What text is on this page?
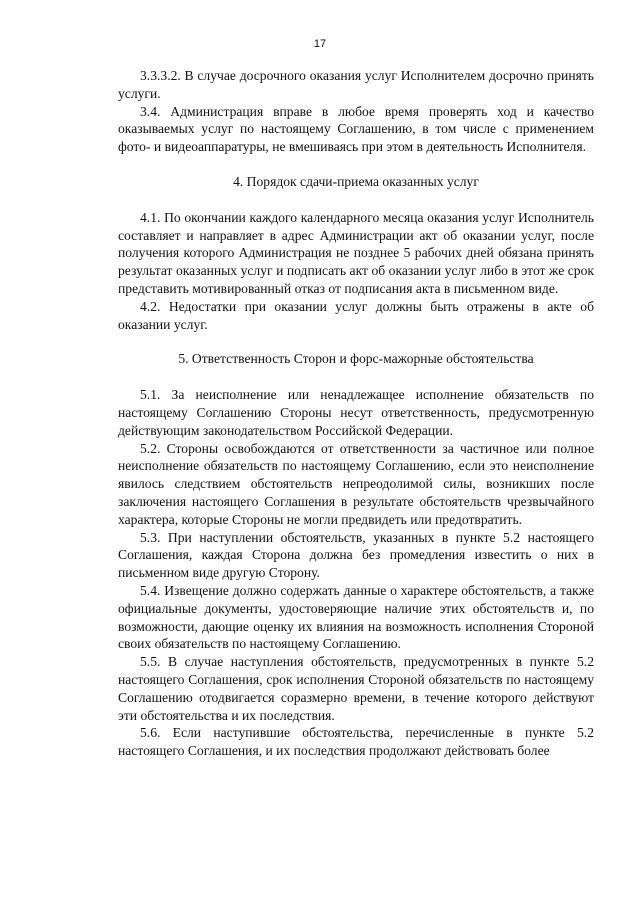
17

3.3.3.2. В случае досрочного оказания услуг Исполнителем досрочно принять услуги.

3.4. Администрация вправе в любое время проверять ход и качество оказываемых услуг по настоящему Соглашению, в том числе с применением фото- и видеоаппаратуры, не вмешиваясь при этом в деятельность Исполнителя.

4. Порядок сдачи-приема оказанных услуг

4.1. По окончании каждого календарного месяца оказания услуг Исполнитель составляет и направляет в адрес Администрации акт об оказании услуг, после получения которого Администрация не позднее 5 рабочих дней обязана принять результат оказанных услуг и подписать акт об оказании услуг либо в этот же срок представить мотивированный отказ от подписания акта в письменном виде.

4.2. Недостатки при оказании услуг должны быть отражены в акте об оказании услуг.

5. Ответственность Сторон и форс-мажорные обстоятельства

5.1. За неисполнение или ненадлежащее исполнение обязательств по настоящему Соглашению Стороны несут ответственность, предусмотренную действующим законодательством Российской Федерации.

5.2. Стороны освобождаются от ответственности за частичное или полное неисполнение обязательств по настоящему Соглашению, если это неисполнение явилось следствием обстоятельств непреодолимой силы, возникших после заключения настоящего Соглашения в результате обстоятельств чрезвычайного характера, которые Стороны не могли предвидеть или предотвратить.

5.3. При наступлении обстоятельств, указанных в пункте 5.2 настоящего Соглашения, каждая Сторона должна без промедления известить о них в письменном виде другую Сторону.

5.4. Извещение должно содержать данные о характере обстоятельств, а также официальные документы, удостоверяющие наличие этих обстоятельств и, по возможности, дающие оценку их влияния на возможность исполнения Стороной своих обязательств по настоящему Соглашению.

5.5. В случае наступления обстоятельств, предусмотренных в пункте 5.2 настоящего Соглашения, срок исполнения Стороной обязательств по настоящему Соглашению отодвигается соразмерно времени, в течение которого действуют эти обстоятельства и их последствия.

5.6. Если наступившие обстоятельства, перечисленные в пункте 5.2 настоящего Соглашения, и их последствия продолжают действовать более
